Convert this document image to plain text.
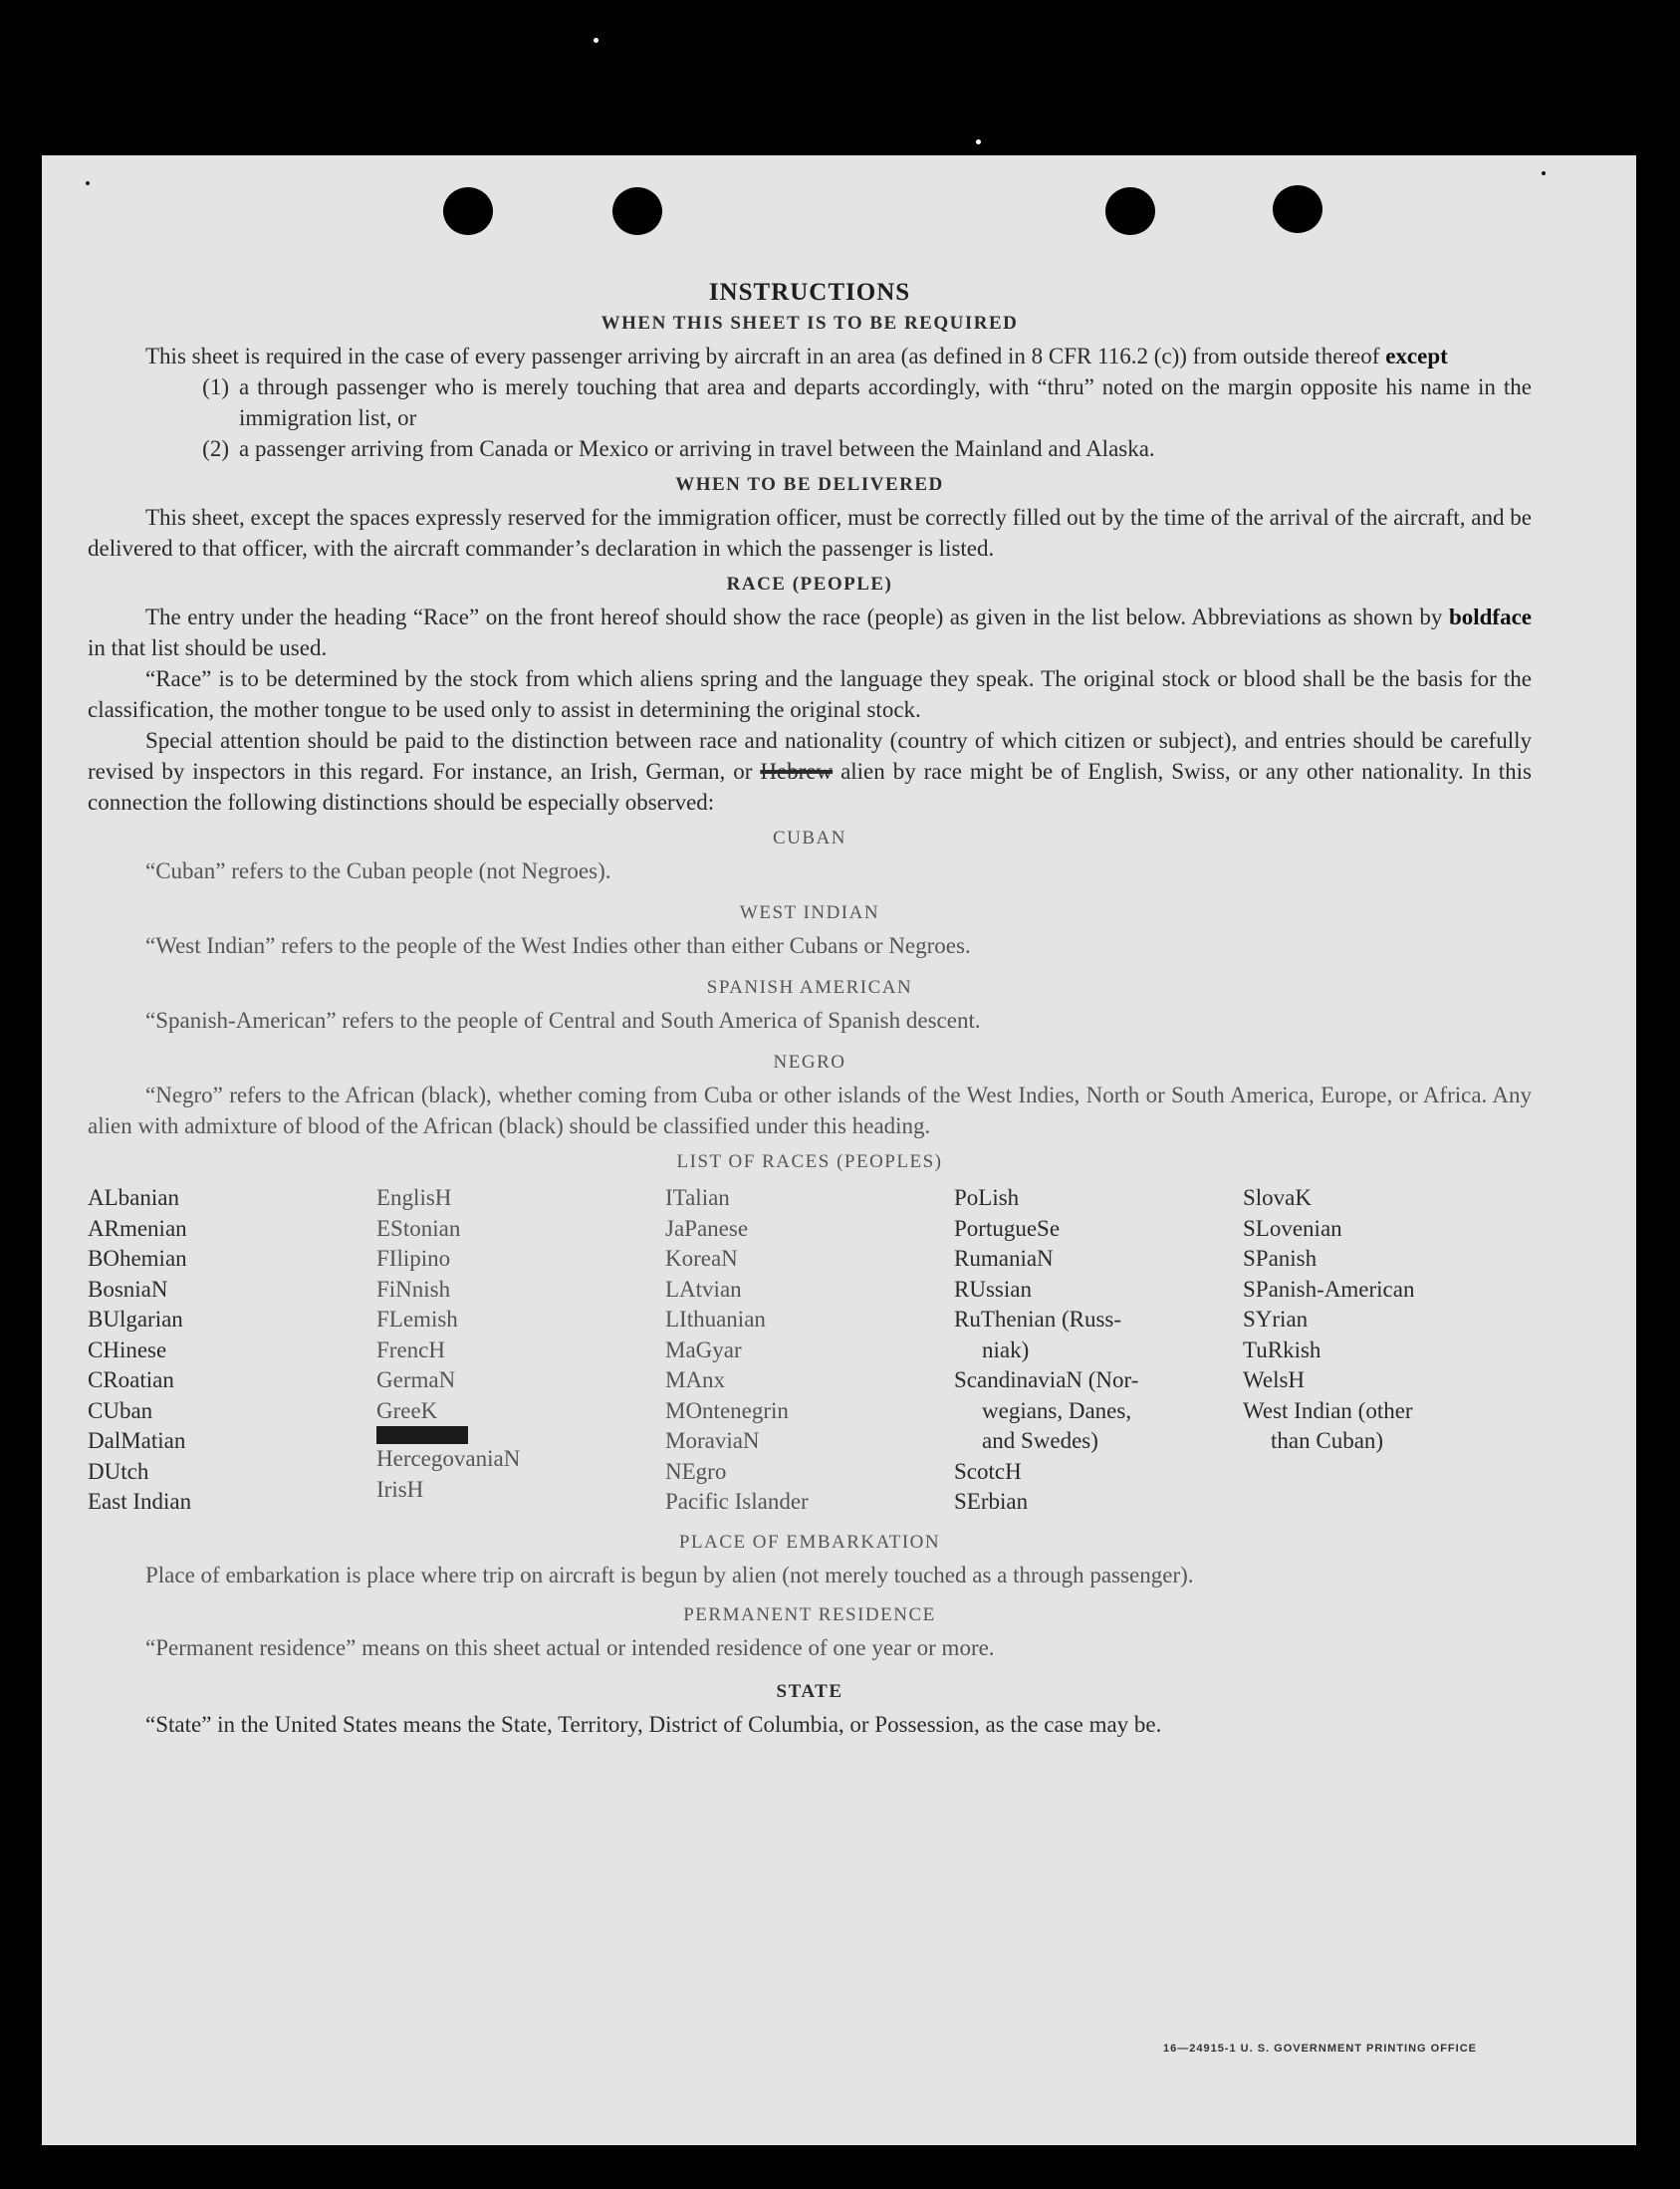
INSTRUCTIONS
WHEN THIS SHEET IS TO BE REQUIRED

This sheet is required in the case of every passenger arriving by aircraft in an area (as defined in 8 CFR 116.2 (c)) from outside thereof except

(1) a through passenger who is merely touching that area and departs accordingly, with “thru” noted on the margin opposite his name in the immigration list, or
(2) a passenger arriving from Canada or Mexico or arriving in travel between the Mainland and Alaska.
WHEN TO BE DELIVERED

This sheet, except the spaces expressly reserved for the immigration officer, must be correctly filled out by the time of the arrival of the aircraft, and be delivered to that officer, with the aircraft commander’s declaration in which the passenger is listed.

RACE (PEOPLE)

The entry under the heading “Race” on the front hereof should show the race (people) as given in the list below. Abbreviations as shown by boldface in that list should be used.

“Race” is to be determined by the stock from which aliens spring and the language they speak. The original stock or blood shall be the basis for the classification, the mother tongue to be used only to assist in determining the original stock.

Special attention should be paid to the distinction between race and nationality (country of which citizen or subject), and entries should be carefully revised by inspectors in this regard. For instance, an Irish, German, or Hebrew alien by race might be of English, Swiss, or any other nationality. In this connection the following distinctions should be especially observed:

CUBAN

“Cuban” refers to the Cuban people (not Negroes).

WEST INDIAN

“West Indian” refers to the people of the West Indies other than either Cubans or Negroes.

SPANISH AMERICAN

“Spanish-American” refers to the people of Central and South America of Spanish descent.

NEGRO

“Negro” refers to the African (black), whether coming from Cuba or other islands of the West Indies, North or South America, Europe, or Africa. Any alien with admixture of blood of the African (black) should be classified under this heading.

LIST OF RACES (PEOPLES)
ALbanian
ARmenian
BOhemian
BosniaN
BUlgarian
CHinese
CRoatian
CUban
DalMatian
DUtch
East Indian
EnglisH
EStonian
FIlipino
FiNnish
FLemish
FrencH
GermaN
GreeK
HercegovaniaN
IrisH
ITalian
JaPanese
KoreaN
LAtvian
LIthuanian
MaGyar
MAnx
MOntenegrin
MoraviaN
NEgro
Pacific Islander
PoLish
PortugueSe
RumaniaN
RUssian
RuThenian (Russ-
niak)
ScandinaviaN (Nor-
wegians, Danes,
and Swedes)
ScotcH
SErbian
SlovaK
SLovenian
SPanish
SPanish-American
SYrian
TuRkish
WelsH
West Indian (other
than Cuban)
PLACE OF EMBARKATION

Place of embarkation is place where trip on aircraft is begun by alien (not merely touched as a through passenger).

PERMANENT RESIDENCE

“Permanent residence” means on this sheet actual or intended residence of one year or more.

STATE

“State” in the United States means the State, Territory, District of Columbia, or Possession, as the case may be.

16—24915-1 U. S. GOVERNMENT PRINTING OFFICE
